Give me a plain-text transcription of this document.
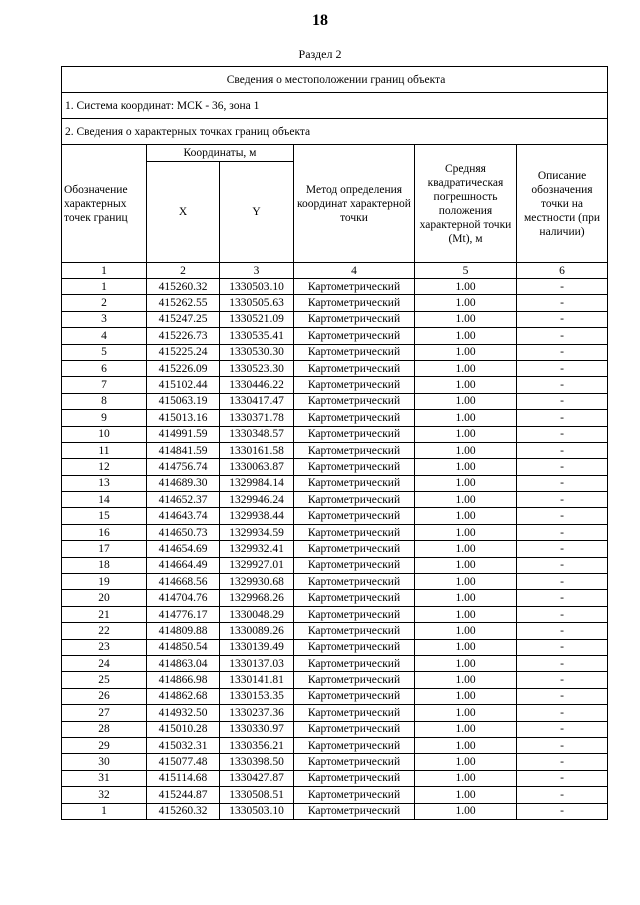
18
Раздел 2
Сведения о местоположении границ объекта					
1. Система координат: МСК - 36, зона 1					
2. Сведения о характерных точках границ объекта					
Обозначение характерных точек границ	Координаты, м		Метод определения координат характерной точки	Средняя квадратическая погрешность положения характерной точки (Mt), м	Описание обозначения точки на местности (при наличии)
	X	Y			
1	2	3	4	5	6
1	415260.32	1330503.10	Картометрический	1.00	-
2	415262.55	1330505.63	Картометрический	1.00	-
3	415247.25	1330521.09	Картометрический	1.00	-
4	415226.73	1330535.41	Картометрический	1.00	-
5	415225.24	1330530.30	Картометрический	1.00	-
6	415226.09	1330523.30	Картометрический	1.00	-
7	415102.44	1330446.22	Картометрический	1.00	-
8	415063.19	1330417.47	Картометрический	1.00	-
9	415013.16	1330371.78	Картометрический	1.00	-
10	414991.59	1330348.57	Картометрический	1.00	-
11	414841.59	1330161.58	Картометрический	1.00	-
12	414756.74	1330063.87	Картометрический	1.00	-
13	414689.30	1329984.14	Картометрический	1.00	-
14	414652.37	1329946.24	Картометрический	1.00	-
15	414643.74	1329938.44	Картометрический	1.00	-
16	414650.73	1329934.59	Картометрический	1.00	-
17	414654.69	1329932.41	Картометрический	1.00	-
18	414664.49	1329927.01	Картометрический	1.00	-
19	414668.56	1329930.68	Картометрический	1.00	-
20	414704.76	1329968.26	Картометрический	1.00	-
21	414776.17	1330048.29	Картометрический	1.00	-
22	414809.88	1330089.26	Картометрический	1.00	-
23	414850.54	1330139.49	Картометрический	1.00	-
24	414863.04	1330137.03	Картометрический	1.00	-
25	414866.98	1330141.81	Картометрический	1.00	-
26	414862.68	1330153.35	Картометрический	1.00	-
27	414932.50	1330237.36	Картометрический	1.00	-
28	415010.28	1330330.97	Картометрический	1.00	-
29	415032.31	1330356.21	Картометрический	1.00	-
30	415077.48	1330398.50	Картометрический	1.00	-
31	415114.68	1330427.87	Картометрический	1.00	-
32	415244.87	1330508.51	Картометрический	1.00	-
1	415260.32	1330503.10	Картометрический	1.00	-
